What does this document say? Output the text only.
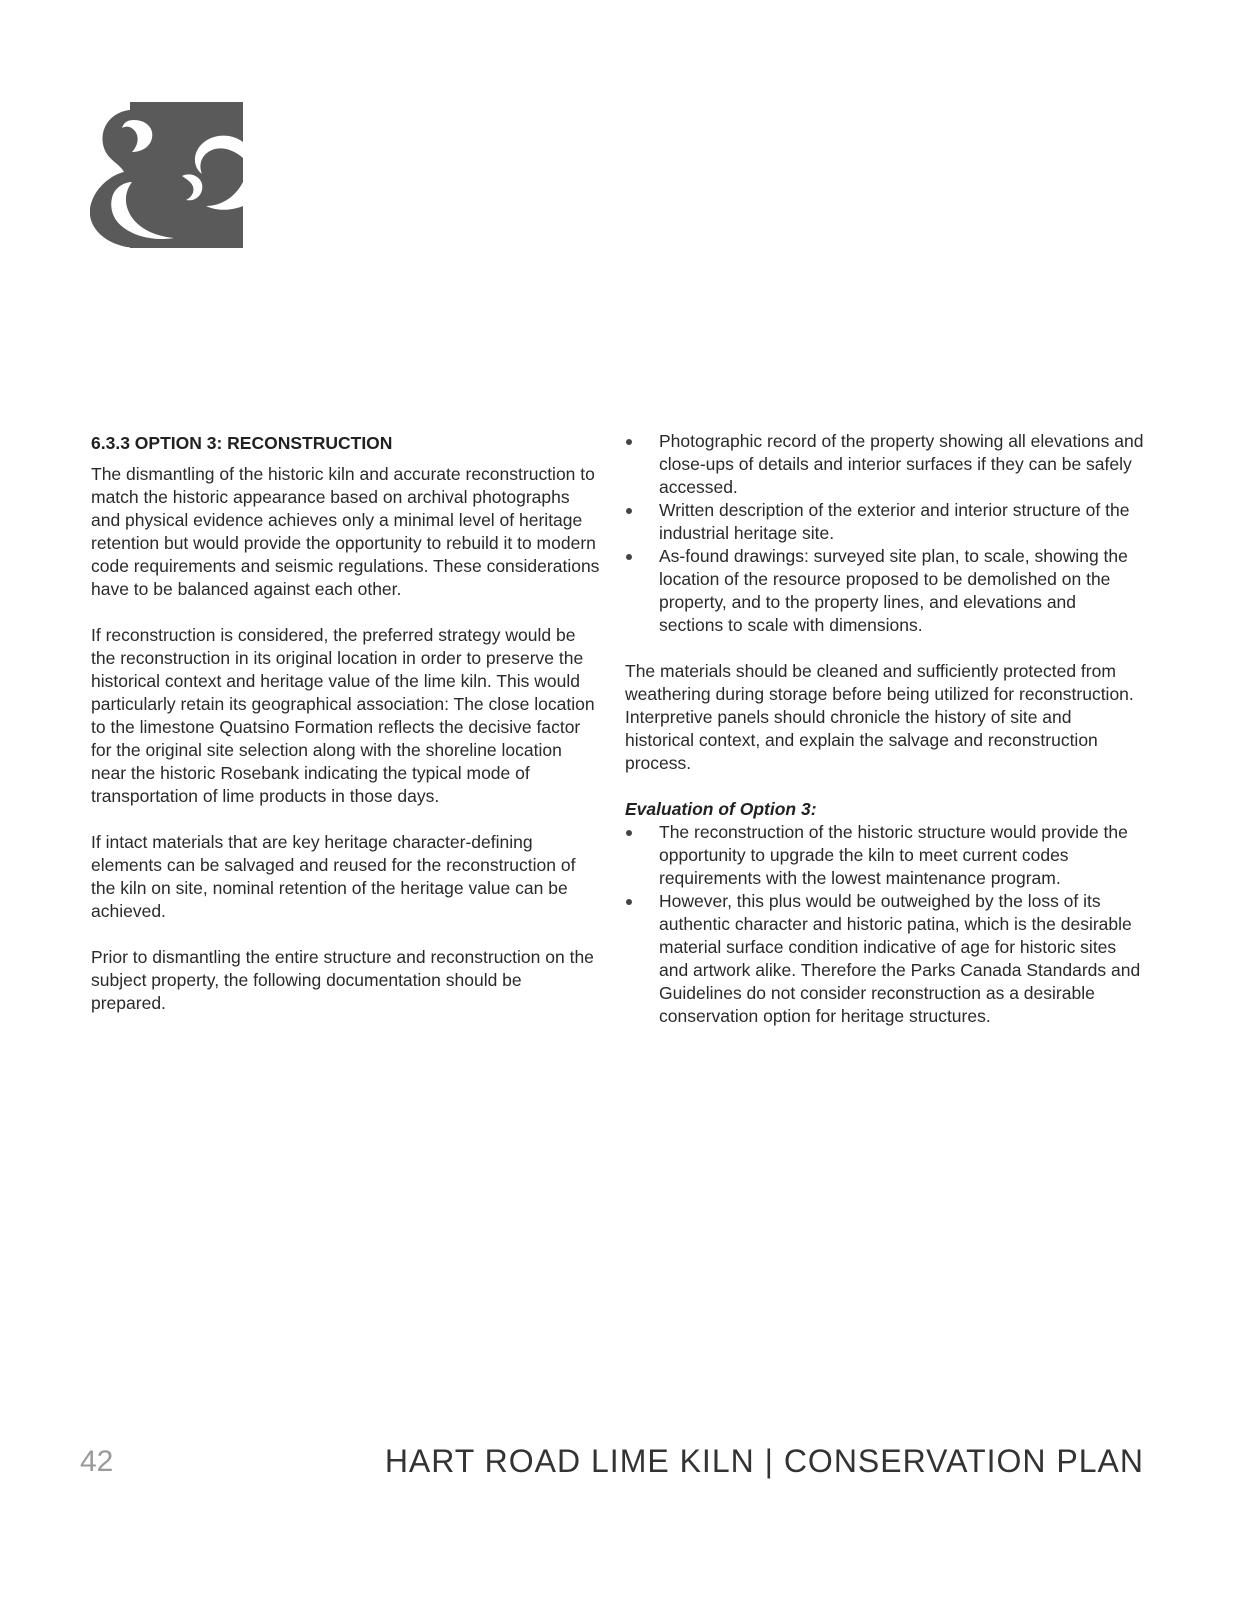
6.3.3 OPTION 3: RECONSTRUCTION

The dismantling of the historic kiln and accurate reconstruction to match the historic appearance based on archival photographs and physical evidence achieves only a minimal level of heritage retention but would provide the opportunity to rebuild it to modern code requirements and seismic regulations. These considerations have to be balanced against each other.

If reconstruction is considered, the preferred strategy would be the reconstruction in its original location in order to preserve the historical context and heritage value of the lime kiln. This would particularly retain its geographical association: The close location to the limestone Quatsino Formation reflects the decisive factor for the original site selection along with the shoreline location near the historic Rosebank indicating the typical mode of transportation of lime products in those days.

If intact materials that are key heritage character-defining elements can be salvaged and reused for the reconstruction of the kiln on site, nominal retention of the heritage value can be achieved.

Prior to dismantling the entire structure and reconstruction on the subject property, the following documentation should be prepared.

Photographic record of the property showing all elevations and close-ups of details and interior surfaces if they can be safely accessed.
Written description of the exterior and interior structure of the industrial heritage site.
As-found drawings: surveyed site plan, to scale, showing the location of the resource proposed to be demolished on the property, and to the property lines, and elevations and sections to scale with dimensions.

The materials should be cleaned and sufficiently protected from weathering during storage before being utilized for reconstruction. Interpretive panels should chronicle the history of site and historical context, and explain the salvage and reconstruction process.

Evaluation of Option 3:
The reconstruction of the historic structure would provide the opportunity to upgrade the kiln to meet current codes requirements with the lowest maintenance program.
However, this plus would be outweighed by the loss of its authentic character and historic patina, which is the desirable material surface condition indicative of age for historic sites and artwork alike. Therefore the Parks Canada Standards and Guidelines do not consider reconstruction as a desirable conservation option for heritage structures.
42	HART ROAD LIME KILN | CONSERVATION PLAN
